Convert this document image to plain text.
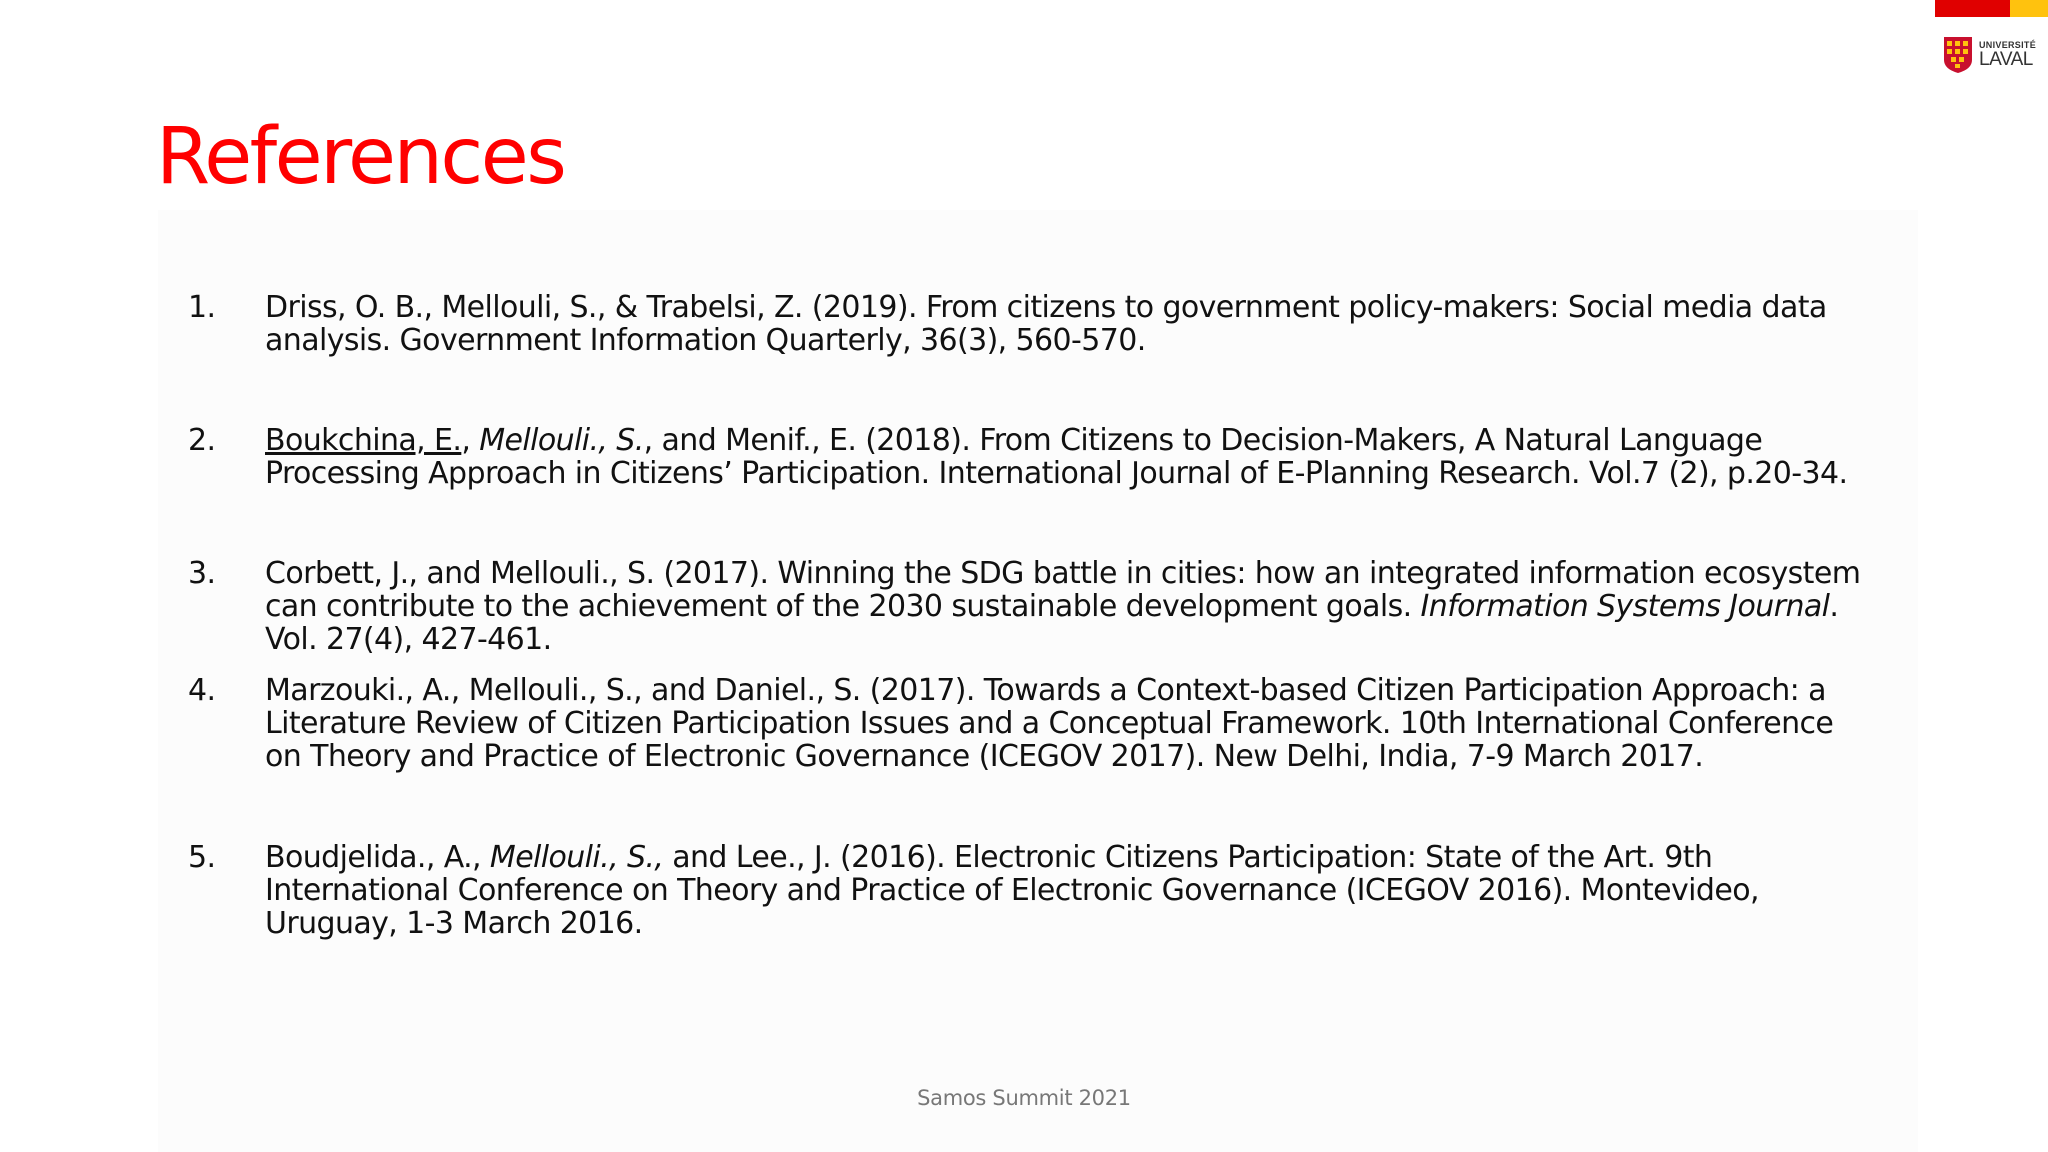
UNIVERSITÉ
LAVAL
References
1. Driss, O. B., Mellouli, S., & Trabelsi, Z. (2019). From citizens to government policy-makers: Social media data
analysis. Government Information Quarterly, 36(3), 560-570.
2. Boukchina, E., Mellouli., S., and Menif., E. (2018). From Citizens to Decision-Makers, A Natural Language
Processing Approach in Citizens’ Participation. International Journal of E-Planning Research. Vol.7 (2), p.20-34.
3. Corbett, J., and Mellouli., S. (2017). Winning the SDG battle in cities: how an integrated information ecosystem
can contribute to the achievement of the 2030 sustainable development goals. Information Systems Journal.
Vol. 27(4), 427-461.
4. Marzouki., A., Mellouli., S., and Daniel., S. (2017). Towards a Context-based Citizen Participation Approach: a
Literature Review of Citizen Participation Issues and a Conceptual Framework. 10th International Conference
on Theory and Practice of Electronic Governance (ICEGOV 2017). New Delhi, India, 7-9 March 2017.
5. Boudjelida., A., Mellouli., S., and Lee., J. (2016). Electronic Citizens Participation: State of the Art. 9th
International Conference on Theory and Practice of Electronic Governance (ICEGOV 2016). Montevideo,
Uruguay, 1-3 March 2016.
Samos Summit 2021
